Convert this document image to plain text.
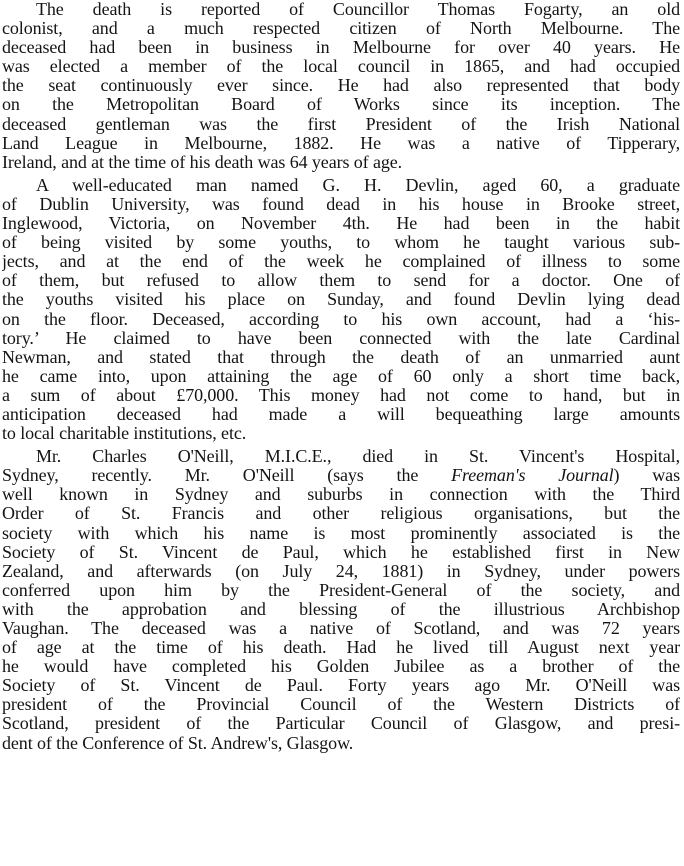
The death is reported of Councillor Thomas Fogarty, an old
colonist, and a much respected citizen of North Melbourne. The
deceased had been in business in Melbourne for over 40 years. He
was elected a member of the local council in 1865, and had occupied
the seat continuously ever since. He had also represented that body
on the Metropolitan Board of Works since its inception. The
deceased gentleman was the first President of the Irish National
Land League in Melbourne, 1882. He was a native of Tipperary,
Ireland, and at the time of his death was 64 years of age.
A well-educated man named G. H. Devlin, aged 60, a graduate
of Dublin University, was found dead in his house in Brooke street,
Inglewood, Victoria, on November 4th. He had been in the habit
of being visited by some youths, to whom he taught various sub-
jects, and at the end of the week he complained of illness to some
of them, but refused to allow them to send for a doctor. One of
the youths visited his place on Sunday, and found Devlin lying dead
on the floor. Deceased, according to his own account, had a ‘his-
tory.’ He claimed to have been connected with the late Cardinal
Newman, and stated that through the death of an unmarried aunt
he came into, upon attaining the age of 60 only a short time back,
a sum of about £70,000. This money had not come to hand, but in
anticipation deceased had made a will bequeathing large amounts
to local charitable institutions, etc.
Mr. Charles O'Neill, M.I.C.E., died in St. Vincent's Hospital,
Sydney, recently. Mr. O'Neill (says the Freeman's Journal) was
well known in Sydney and suburbs in connection with the Third
Order of St. Francis and other religious organisations, but the
society with which his name is most prominently associated is the
Society of St. Vincent de Paul, which he established first in New
Zealand, and afterwards (on July 24, 1881) in Sydney, under powers
conferred upon him by the President-General of the society, and
with the approbation and blessing of the illustrious Archbishop
Vaughan. The deceased was a native of Scotland, and was 72 years
of age at the time of his death. Had he lived till August next year
he would have completed his Golden Jubilee as a brother of the
Society of St. Vincent de Paul. Forty years ago Mr. O'Neill was
president of the Provincial Council of the Western Districts of
Scotland, president of the Particular Council of Glasgow, and presi-
dent of the Conference of St. Andrew's, Glasgow.
